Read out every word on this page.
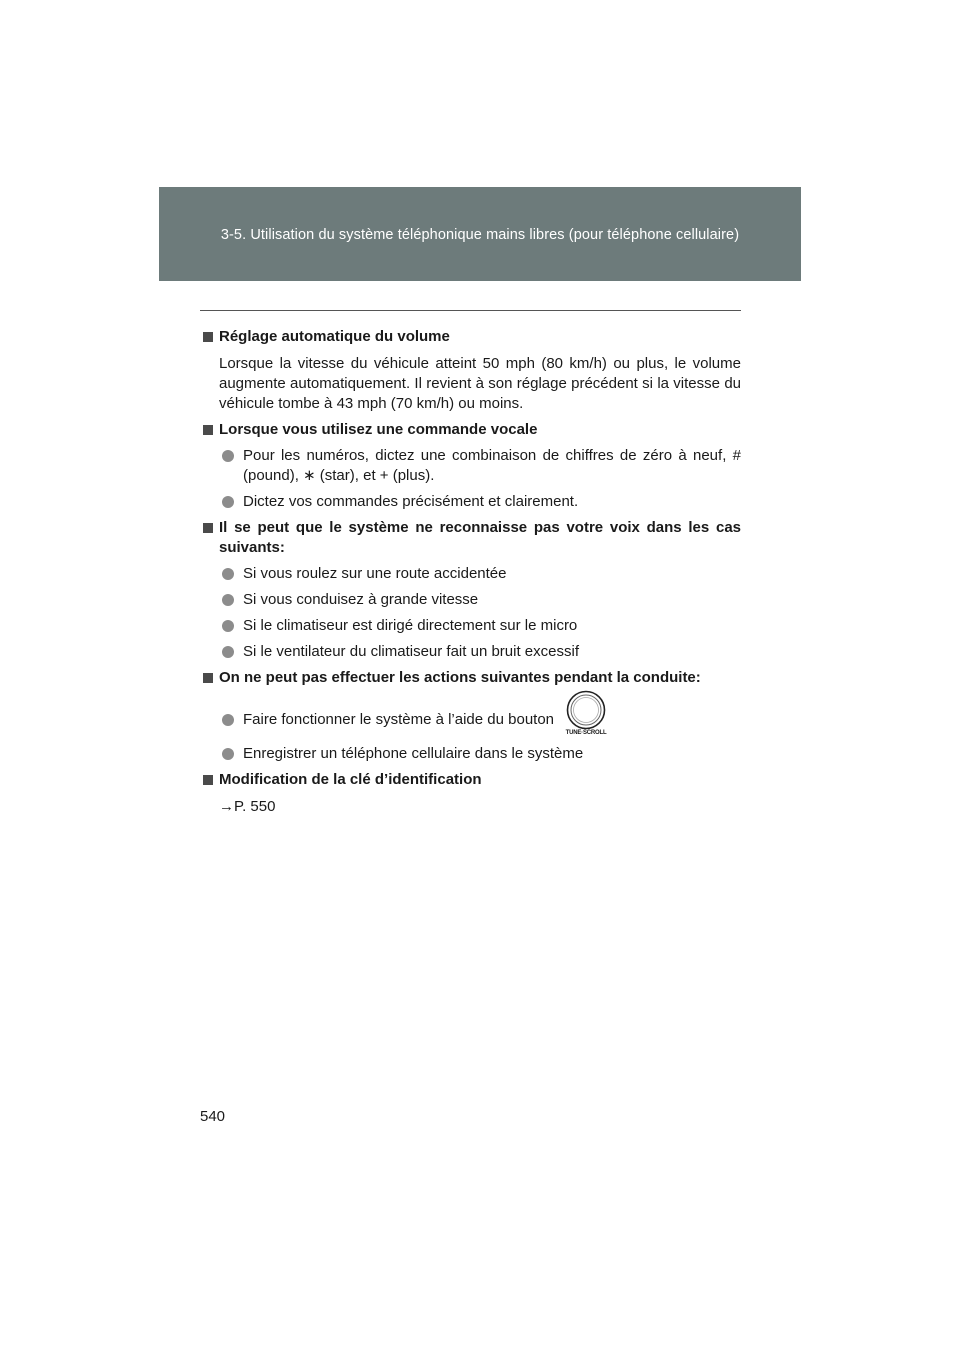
3-5. Utilisation du système téléphonique mains libres (pour téléphone cellulaire)
Réglage automatique du volume
Lorsque la vitesse du véhicule atteint 50 mph (80 km/h) ou plus, le volume augmente automatiquement. Il revient à son réglage précédent si la vitesse du véhicule tombe à 43 mph (70 km/h) ou moins.
Lorsque vous utilisez une commande vocale
Pour les numéros, dictez une combinaison de chiffres de zéro à neuf, # (pound), ∗ (star), et + (plus).
Dictez vos commandes précisément et clairement.
Il se peut que le système ne reconnaisse pas votre voix dans les cas suivants:
Si vous roulez sur une route accidentée
Si vous conduisez à grande vitesse
Si le climatiseur est dirigé directement sur le micro
Si le ventilateur du climatiseur fait un bruit excessif
On ne peut pas effectuer les actions suivantes pendant la conduite:
Faire fonctionner le système à l’aide du bouton
TUNE·SCROLL
Enregistrer un téléphone cellulaire dans le système
Modification de la clé d’identification
→P. 550
540
